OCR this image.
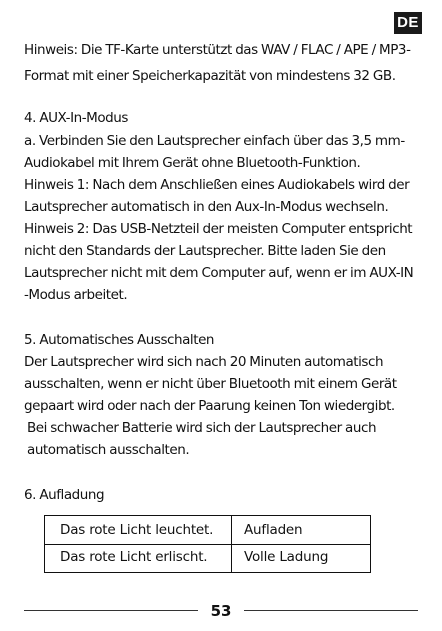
DE
Hinweis: Die TF-Karte unterstützt das WAV / FLAC / APE / MP3-
Format mit einer Speicherkapazität von mindestens 32 GB.
4. AUX-In-Modus
a. Verbinden Sie den Lautsprecher einfach über das 3,5 mm-
Audiokabel mit Ihrem Gerät ohne Bluetooth-Funktion.
Hinweis 1: Nach dem Anschließen eines Audiokabels wird der
Lautsprecher automatisch in den Aux-In-Modus wechseln.
Hinweis 2: Das USB-Netzteil der meisten Computer entspricht
nicht den Standards der Lautsprecher. Bitte laden Sie den
Lautsprecher nicht mit dem Computer auf, wenn er im AUX-IN
-Modus arbeitet.
5. Automatisches Ausschalten
Der Lautsprecher wird sich nach 20 Minuten automatisch
ausschalten, wenn er nicht über Bluetooth mit einem Gerät
gepaart wird oder nach der Paarung keinen Ton wiedergibt.
Bei schwacher Batterie wird sich der Lautsprecher auch
automatisch ausschalten.
6. Aufladung
Das rote Licht leuchtet. Aufladen
Das rote Licht erlischt.	Volle Ladung
53
